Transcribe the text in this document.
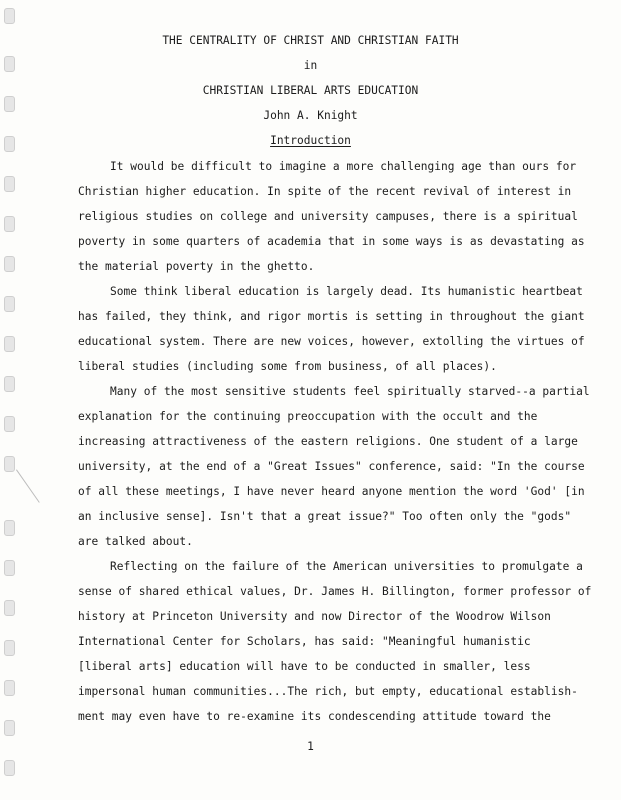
THE CENTRALITY OF CHRIST AND CHRISTIAN FAITH
in
CHRISTIAN LIBERAL ARTS EDUCATION
John A. Knight
Introduction
It would be difficult to imagine a more challenging age than ours for
Christian higher education. In spite of the recent revival of interest in
religious studies on college and university campuses, there is a spiritual
poverty in some quarters of academia that in some ways is as devastating as
the material poverty in the ghetto.
Some think liberal education is largely dead. Its humanistic heartbeat
has failed, they think, and rigor mortis is setting in throughout the giant
educational system. There are new voices, however, extolling the virtues of
liberal studies (including some from business, of all places).
Many of the most sensitive students feel spiritually starved--a partial
explanation for the continuing preoccupation with the occult and the
increasing attractiveness of the eastern religions. One student of a large
university, at the end of a "Great Issues" conference, said: "In the course
of all these meetings, I have never heard anyone mention the word 'God' [in
an inclusive sense]. Isn't that a great issue?" Too often only the "gods"
are talked about.
Reflecting on the failure of the American universities to promulgate a
sense of shared ethical values, Dr. James H. Billington, former professor of
history at Princeton University and now Director of the Woodrow Wilson
International Center for Scholars, has said: "Meaningful humanistic
[liberal arts] education will have to be conducted in smaller, less
impersonal human communities...The rich, but empty, educational establish-
ment may even have to re-examine its condescending attitude toward the
1
